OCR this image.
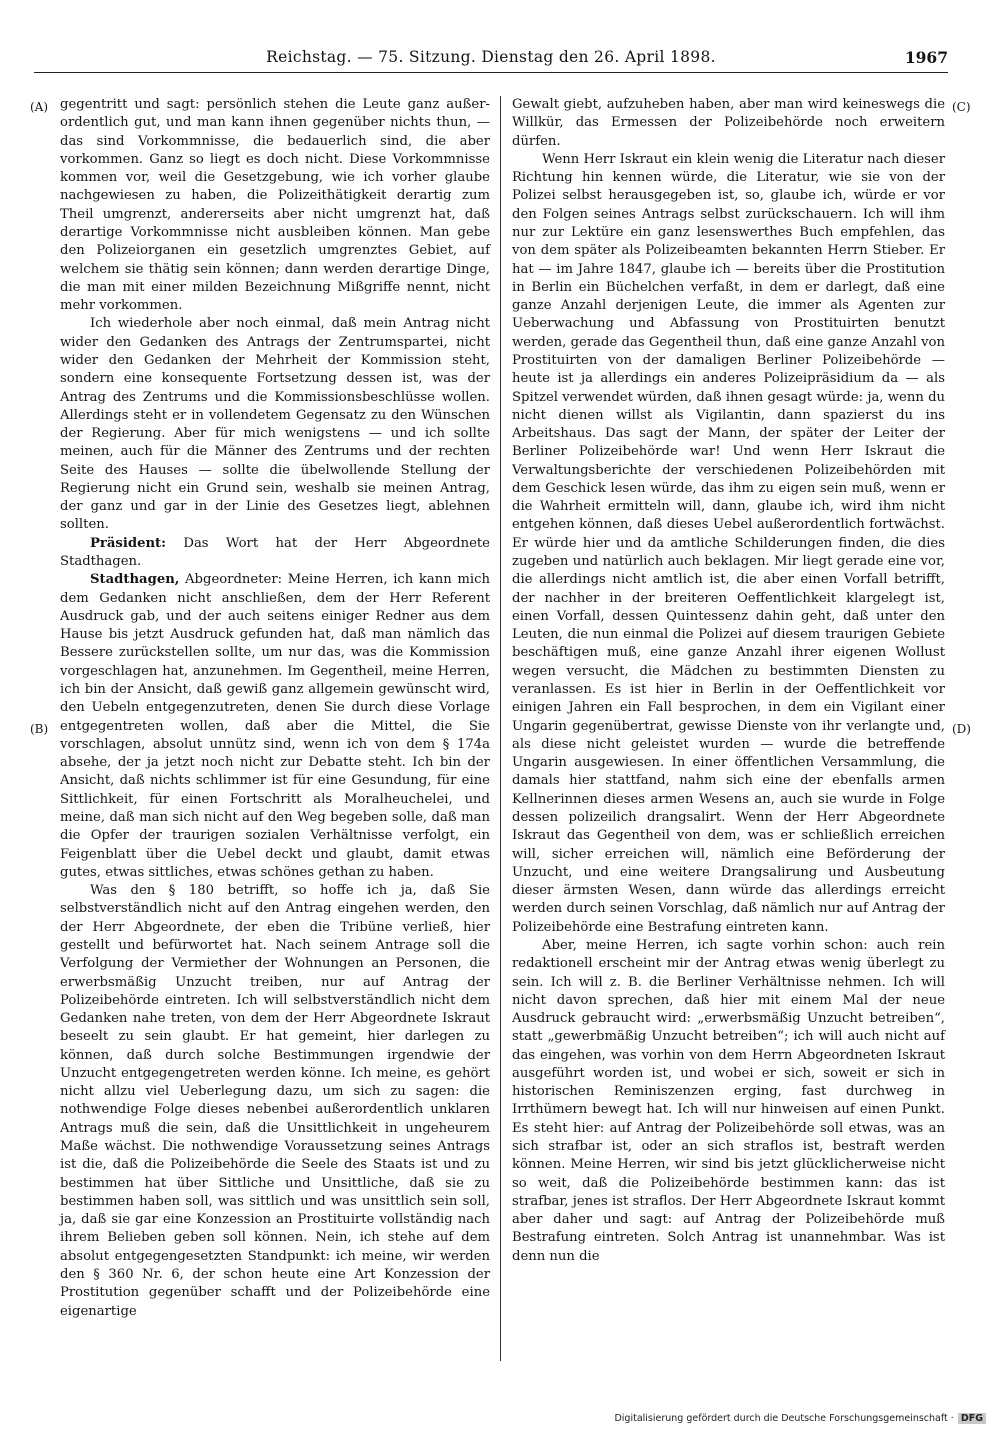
Reichstag. — 75. Sitzung. Dienstag den 26. April 1898.	1967
(A)
(B)
(C)
(D)

gegentritt und sagt: persönlich stehen die Leute ganz außerordentlich gut, und man kann ihnen gegenüber nichts thun, — das sind Vorkommnisse, die bedauerlich sind, die aber vorkommen. Ganz so liegt es doch nicht. Diese Vorkommnisse kommen vor, weil die Gesetzgebung, wie ich vorher glaube nachgewiesen zu haben, die Polizeithätigkeit derartig zum Theil umgrenzt, andererseits aber nicht umgrenzt hat, daß derartige Vorkommnisse nicht ausbleiben können. Man gebe den Polizeiorganen ein gesetzlich umgrenztes Gebiet, auf welchem sie thätig sein können; dann werden derartige Dinge, die man mit einer milden Bezeichnung Mißgriffe nennt, nicht mehr vorkommen.

Ich wiederhole aber noch einmal, daß mein Antrag nicht wider den Gedanken des Antrags der Zentrumspartei, nicht wider den Gedanken der Mehrheit der Kommission steht, sondern eine konsequente Fortsetzung dessen ist, was der Antrag des Zentrums und die Kommissionsbeschlüsse wollen. Allerdings steht er in vollendetem Gegensatz zu den Wünschen der Regierung. Aber für mich wenigstens — und ich sollte meinen, auch für die Männer des Zentrums und der rechten Seite des Hauses — sollte die übelwollende Stellung der Regierung nicht ein Grund sein, weshalb sie meinen Antrag, der ganz und gar in der Linie des Gesetzes liegt, ablehnen sollten.

Präsident: Das Wort hat der Herr Abgeordnete Stadthagen.

Stadthagen, Abgeordneter: Meine Herren, ich kann mich dem Gedanken nicht anschließen, dem der Herr Referent Ausdruck gab, und der auch seitens einiger Redner aus dem Hause bis jetzt Ausdruck gefunden hat, daß man nämlich das Bessere zurückstellen sollte, um nur das, was die Kommission vorgeschlagen hat, anzunehmen. Im Gegentheil, meine Herren, ich bin der Ansicht, daß gewiß ganz allgemein gewünscht wird, den Uebeln entgegenzutreten, denen Sie durch diese Vorlage entgegentreten wollen, daß aber die Mittel, die Sie vorschlagen, absolut unnütz sind, wenn ich von dem § 174a absehe, der ja jetzt noch nicht zur Debatte steht. Ich bin der Ansicht, daß nichts schlimmer ist für eine Gesundung, für eine Sittlichkeit, für einen Fortschritt als Moralheuchelei, und meine, daß man sich nicht auf den Weg begeben solle, daß man die Opfer der traurigen sozialen Verhältnisse verfolgt, ein Feigenblatt über die Uebel deckt und glaubt, damit etwas gutes, etwas sittliches, etwas schönes gethan zu haben.

Was den § 180 betrifft, so hoffe ich ja, daß Sie selbstverständlich nicht auf den Antrag eingehen werden, den der Herr Abgeordnete, der eben die Tribüne verließ, hier gestellt und befürwortet hat. Nach seinem Antrage soll die Verfolgung der Vermiether der Wohnungen an Personen, die erwerbsmäßig Unzucht treiben, nur auf Antrag der Polizeibehörde eintreten. Ich will selbstverständlich nicht dem Gedanken nahe treten, von dem der Herr Abgeordnete Iskraut beseelt zu sein glaubt. Er hat gemeint, hier darlegen zu können, daß durch solche Bestimmungen irgendwie der Unzucht entgegengetreten werden könne. Ich meine, es gehört nicht allzu viel Ueberlegung dazu, um sich zu sagen: die nothwendige Folge dieses nebenbei außerordentlich unklaren Antrags muß die sein, daß die Unsittlichkeit in ungeheurem Maße wächst. Die nothwendige Voraussetzung seines Antrags ist die, daß die Polizeibehörde die Seele des Staats ist und zu bestimmen hat über Sittliche und Unsittliche, daß sie zu bestimmen haben soll, was sittlich und was unsittlich sein soll, ja, daß sie gar eine Konzession an Prostituirte vollständig nach ihrem Belieben geben soll können. Nein, ich stehe auf dem absolut entgegengesetzten Standpunkt: ich meine, wir werden den § 360 Nr. 6, der schon heute eine Art Konzession der Prostitution gegenüber schafft und der Polizeibehörde eine eigenartige

Gewalt giebt, aufzuheben haben, aber man wird keineswegs die Willkür, das Ermessen der Polizeibehörde noch erweitern dürfen.

Wenn Herr Iskraut ein klein wenig die Literatur nach dieser Richtung hin kennen würde, die Literatur, wie sie von der Polizei selbst herausgegeben ist, so, glaube ich, würde er vor den Folgen seines Antrags selbst zurückschauern. Ich will ihm nur zur Lektüre ein ganz lesenswerthes Buch empfehlen, das von dem später als Polizeibeamten bekannten Herrn Stieber. Er hat — im Jahre 1847, glaube ich — bereits über die Prostitution in Berlin ein Büchelchen verfaßt, in dem er darlegt, daß eine ganze Anzahl derjenigen Leute, die immer als Agenten zur Ueberwachung und Abfassung von Prostituirten benutzt werden, gerade das Gegentheil thun, daß eine ganze Anzahl von Prostituirten von der damaligen Berliner Polizeibehörde — heute ist ja allerdings ein anderes Polizeipräsidium da — als Spitzel verwendet würden, daß ihnen gesagt würde: ja, wenn du nicht dienen willst als Vigilantin, dann spazierst du ins Arbeitshaus. Das sagt der Mann, der später der Leiter der Berliner Polizeibehörde war! Und wenn Herr Iskraut die Verwaltungsberichte der verschiedenen Polizeibehörden mit dem Geschick lesen würde, das ihm zu eigen sein muß, wenn er die Wahrheit ermitteln will, dann, glaube ich, wird ihm nicht entgehen können, daß dieses Uebel außerordentlich fortwächst. Er würde hier und da amtliche Schilderungen finden, die dies zugeben und natürlich auch beklagen. Mir liegt gerade eine vor, die allerdings nicht amtlich ist, die aber einen Vorfall betrifft, der nachher in der breiteren Oeffentlichkeit klargelegt ist, einen Vorfall, dessen Quintessenz dahin geht, daß unter den Leuten, die nun einmal die Polizei auf diesem traurigen Gebiete beschäftigen muß, eine ganze Anzahl ihrer eigenen Wollust wegen versucht, die Mädchen zu bestimmten Diensten zu veranlassen. Es ist hier in Berlin in der Oeffentlichkeit vor einigen Jahren ein Fall besprochen, in dem ein Vigilant einer Ungarin gegenübertrat, gewisse Dienste von ihr verlangte und, als diese nicht geleistet wurden — wurde die betreffende Ungarin ausgewiesen. In einer öffentlichen Versammlung, die damals hier stattfand, nahm sich eine der ebenfalls armen Kellnerinnen dieses armen Wesens an, auch sie wurde in Folge dessen polizeilich drangsalirt. Wenn der Herr Abgeordnete Iskraut das Gegentheil von dem, was er schließlich erreichen will, sicher erreichen will, nämlich eine Beförderung der Unzucht, und eine weitere Drangsalirung und Ausbeutung dieser ärmsten Wesen, dann würde das allerdings erreicht werden durch seinen Vorschlag, daß nämlich nur auf Antrag der Polizeibehörde eine Bestrafung eintreten kann.

Aber, meine Herren, ich sagte vorhin schon: auch rein redaktionell erscheint mir der Antrag etwas wenig überlegt zu sein. Ich will z. B. die Berliner Verhältnisse nehmen. Ich will nicht davon sprechen, daß hier mit einem Mal der neue Ausdruck gebraucht wird: „erwerbsmäßig Unzucht betreiben“, statt „gewerbmäßig Unzucht betreiben“; ich will auch nicht auf das eingehen, was vorhin von dem Herrn Abgeordneten Iskraut ausgeführt worden ist, und wobei er sich, soweit er sich in historischen Reminiszenzen erging, fast durchweg in Irrthümern bewegt hat. Ich will nur hinweisen auf einen Punkt. Es steht hier: auf Antrag der Polizeibehörde soll etwas, was an sich strafbar ist, oder an sich straflos ist, bestraft werden können. Meine Herren, wir sind bis jetzt glücklicherweise nicht so weit, daß die Polizeibehörde bestimmen kann: das ist strafbar, jenes ist straflos. Der Herr Abgeordnete Iskraut kommt aber daher und sagt: auf Antrag der Polizeibehörde muß Bestrafung eintreten. Solch Antrag ist unannehmbar. Was ist denn nun die

Digitalisierung gefördert durch die Deutsche Forschungsgemeinschaft · DFG
